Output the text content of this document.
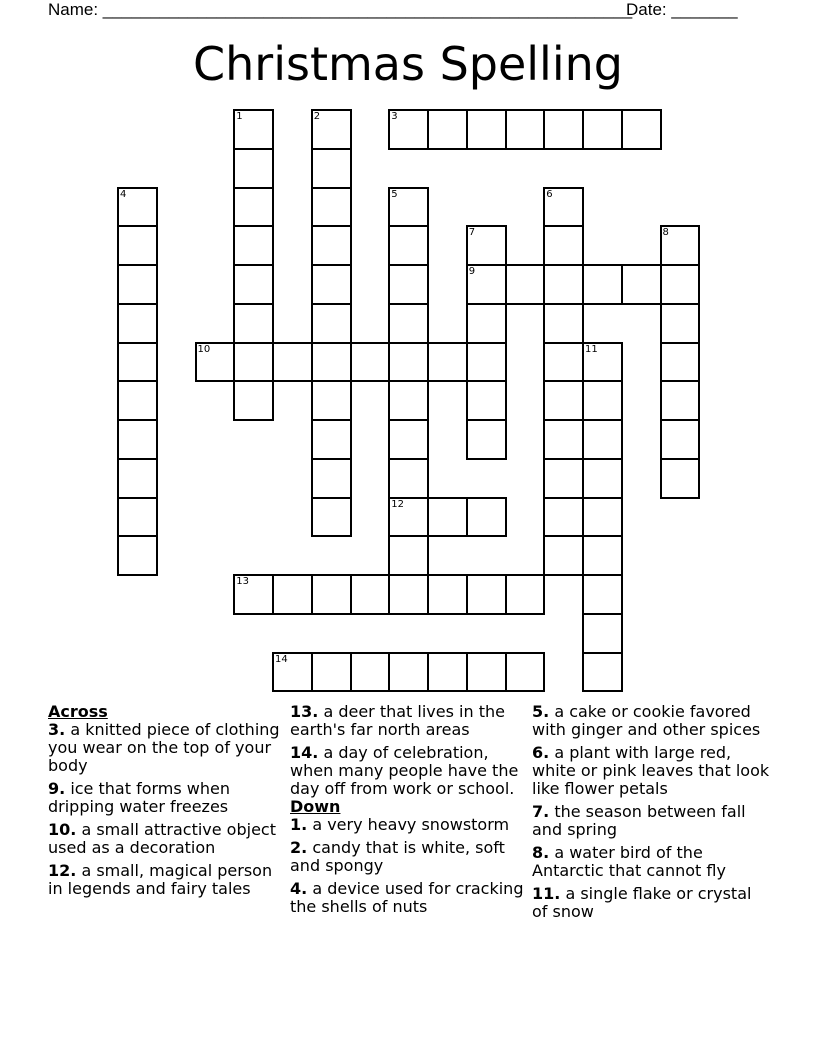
Name: ________________________________________________________
Date: _______
Christmas Spelling
1	2	3
4	5
12
6
7
9
8
10	11
13
14
Across
3. a knitted piece of clothing you wear on the top of your body
9. ice that forms when dripping water freezes
10. a small attractive object used as a decoration
12. a small, magical person in legends and fairy tales
13. a deer that lives in the earth's far north areas
14. a day of celebration, when many people have the day off from work or school.
Down
1. a very heavy snowstorm
2. candy that is white, soft and spongy
4. a device used for cracking the shells of nuts
5. a cake or cookie favored with ginger and other spices
6. a plant with large red, white or pink leaves that look like flower petals
7. the season between fall and spring
8. a water bird of the Antarctic that cannot fly
11. a single flake or crystal of snow
